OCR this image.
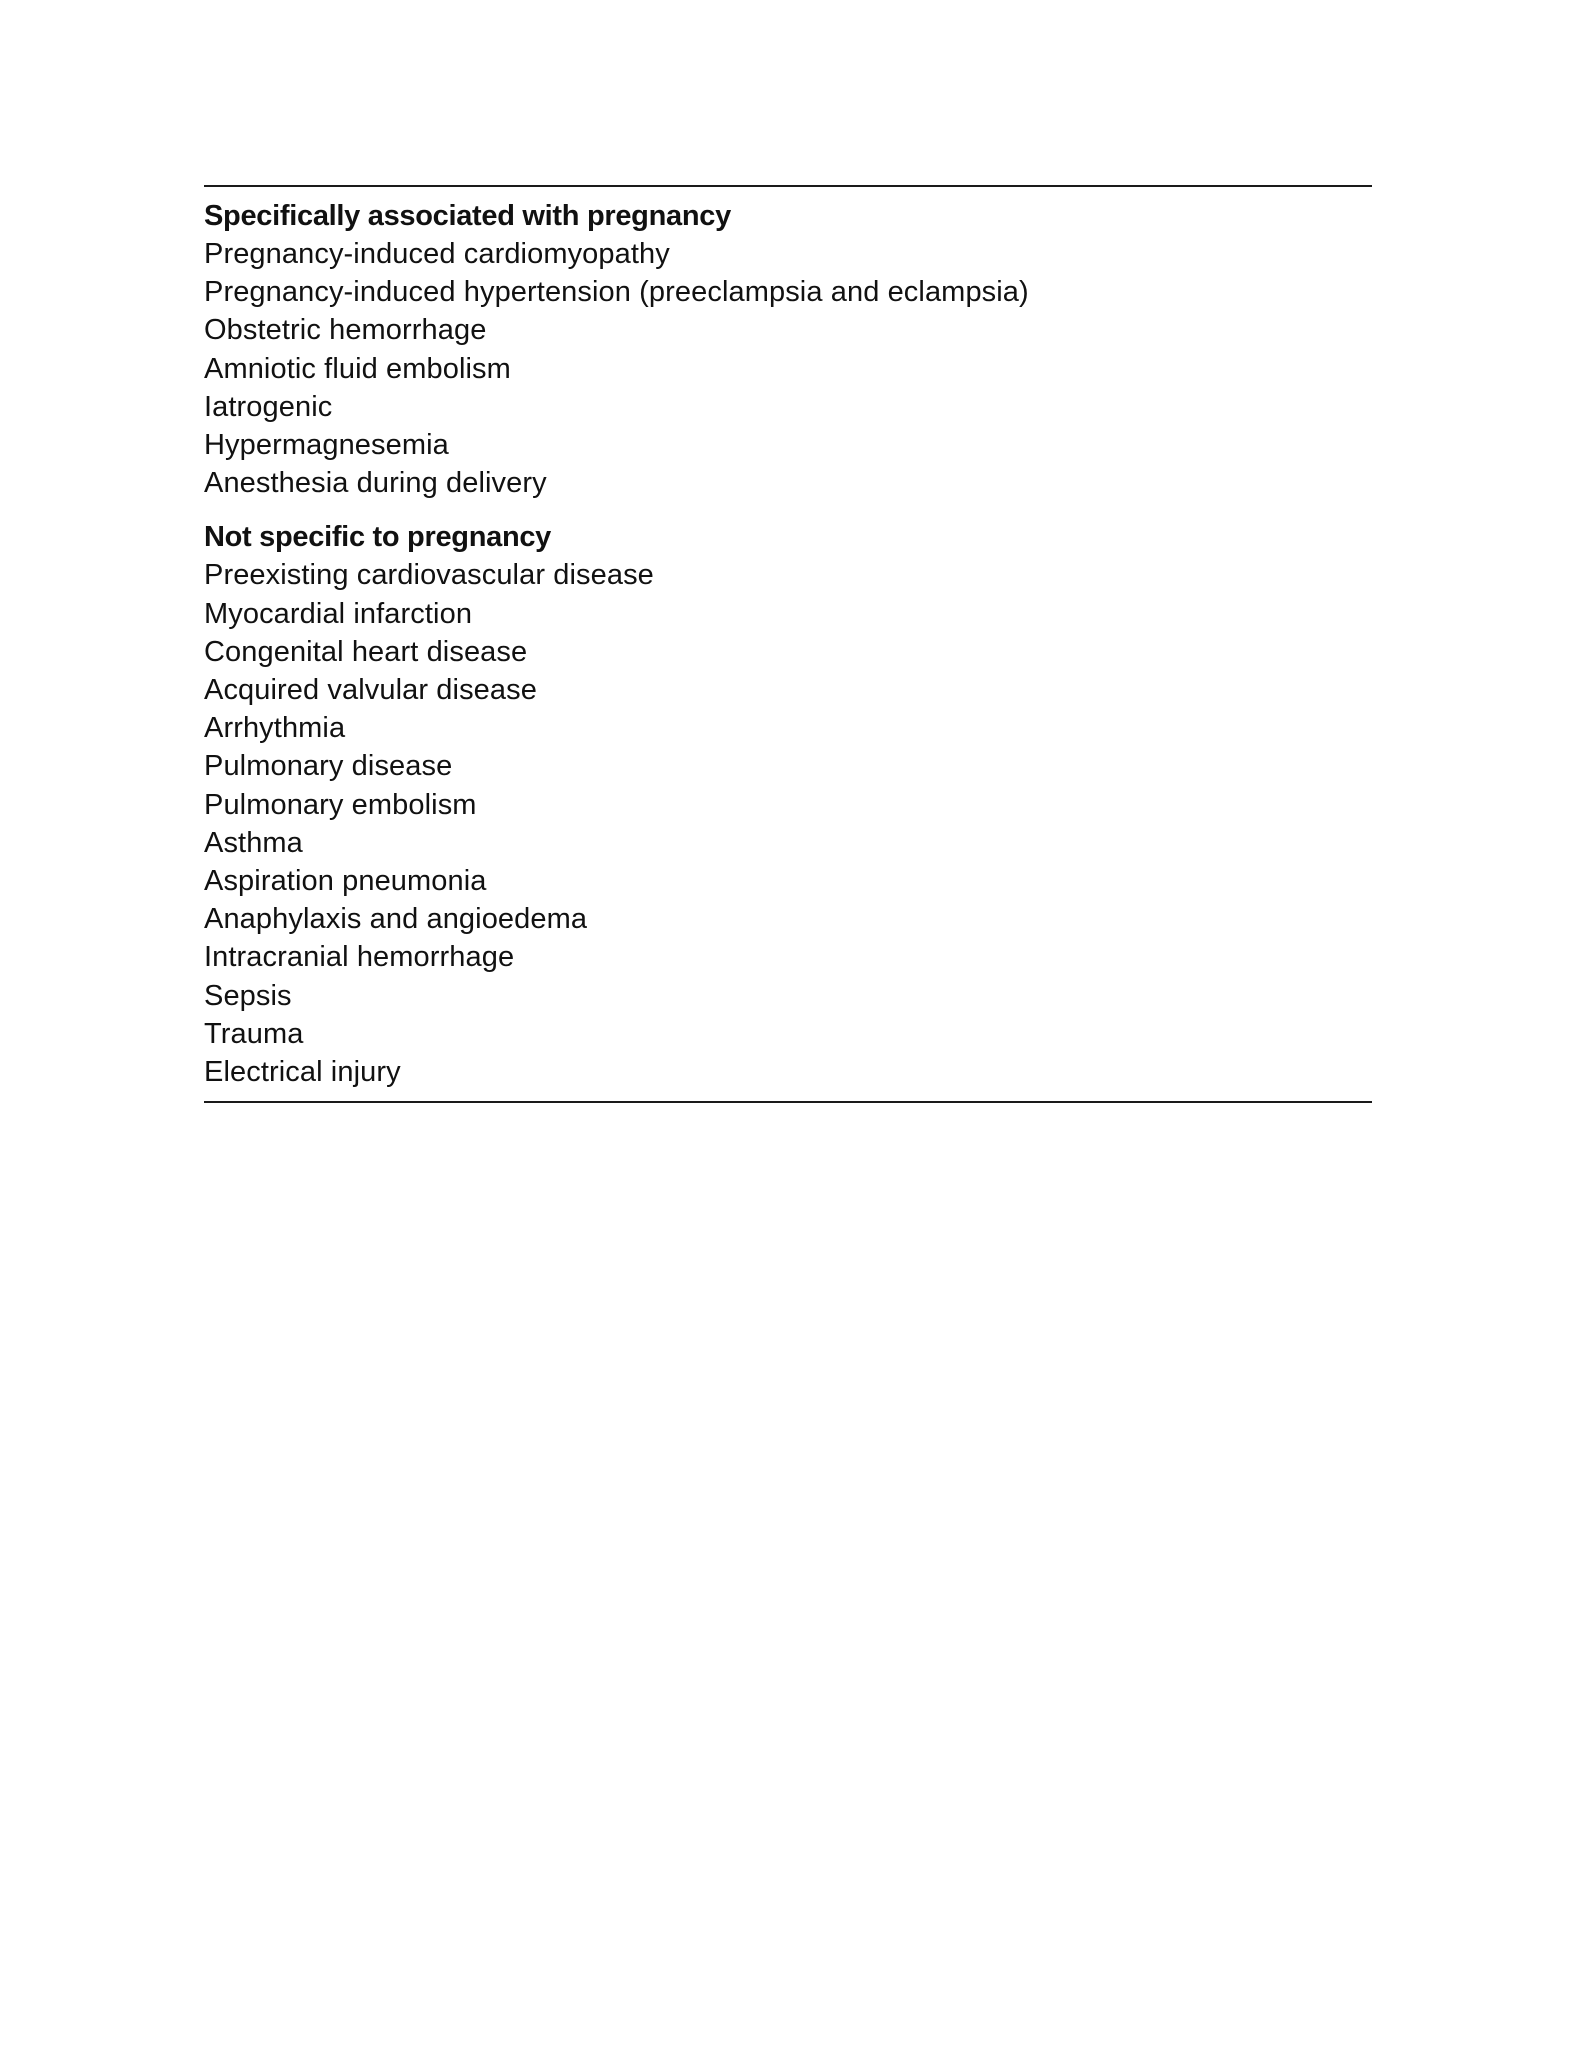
Specifically associated with pregnancy
Pregnancy-induced cardiomyopathy
Pregnancy-induced hypertension (preeclampsia and eclampsia)
Obstetric hemorrhage
Amniotic fluid embolism
Iatrogenic
Hypermagnesemia
Anesthesia during delivery
Not specific to pregnancy
Preexisting cardiovascular disease
Myocardial infarction
Congenital heart disease
Acquired valvular disease
Arrhythmia
Pulmonary disease
Pulmonary embolism
Asthma
Aspiration pneumonia
Anaphylaxis and angioedema
Intracranial hemorrhage
Sepsis
Trauma
Electrical injury
